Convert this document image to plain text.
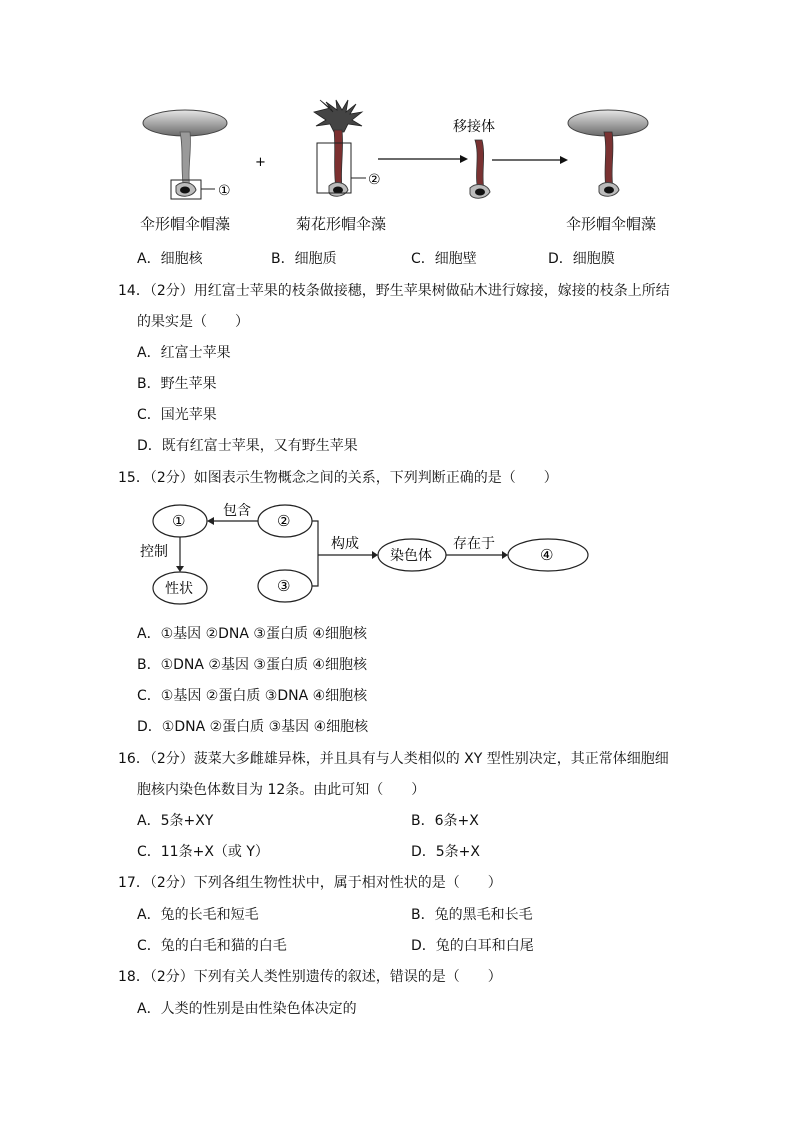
①
+
②
移接体
伞形帽伞帽藻	菊花形帽伞藻	伞形帽伞帽藻
A．细胞核	B．细胞质	C．细胞壁	D．细胞膜
14．（2分）用红富士苹果的枝条做接穗，野生苹果树做砧木进行嫁接，嫁接的枝条上所结
的果实是（　　）
A．红富士苹果
B．野生苹果
C．国光苹果
D．既有红富士苹果，又有野生苹果
15．（2分）如图表示生物概念之间的关系，下列判断正确的是（　　）
①	②
性状	③
染色体	④
包含
控制	构成	存在于
A．①基因 ②DNA ③蛋白质 ④细胞核
B．①DNA ②基因 ③蛋白质 ④细胞核
C．①基因 ②蛋白质 ③DNA ④细胞核
D．①DNA ②蛋白质 ③基因 ④细胞核
16．（2分）菠菜大多雌雄异株，并且具有与人类相似的 XY 型性别决定，其正常体细胞细
胞核内染色体数目为 12条。由此可知（　　）
A．5条+XY	B．6条+X
C．11条+X（或 Y）	D．5条+X
17．（2分）下列各组生物性状中，属于相对性状的是（　　）
A．兔的长毛和短毛	B．兔的黑毛和长毛
C．兔的白毛和猫的白毛	D．兔的白耳和白尾
18．（2分）下列有关人类性别遗传的叙述，错误的是（　　）
A．人类的性别是由性染色体决定的
